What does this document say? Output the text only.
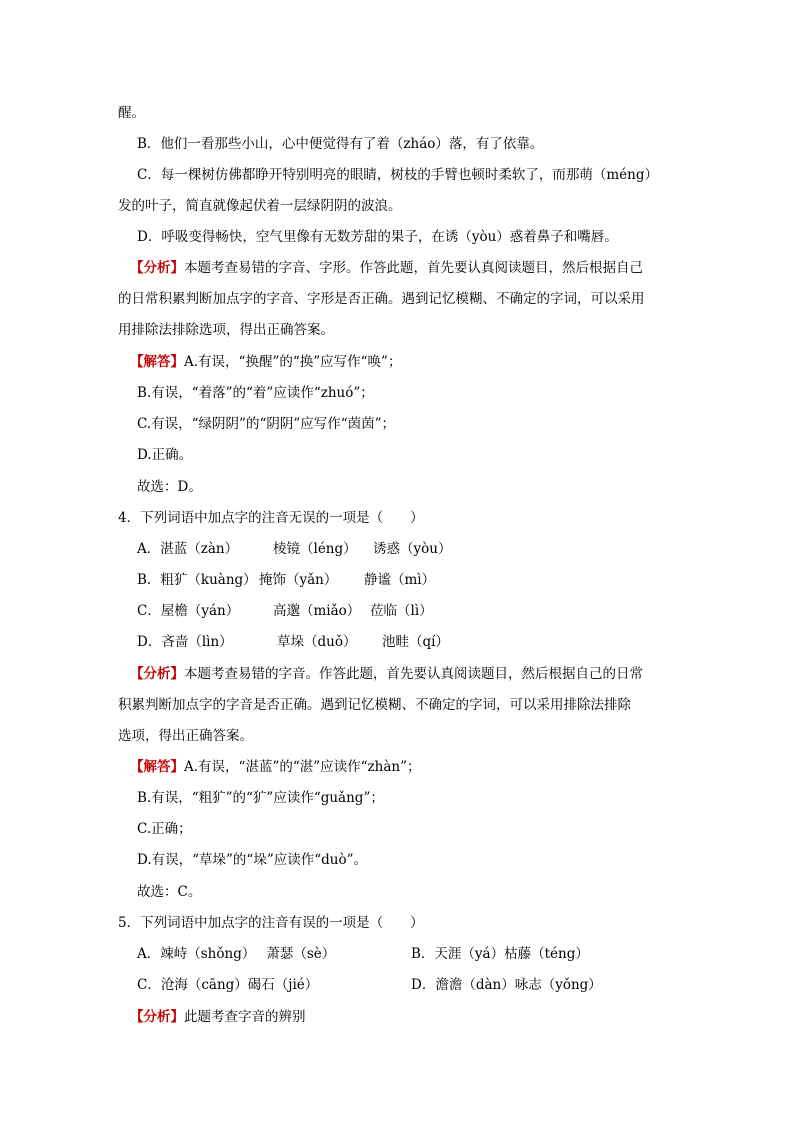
醒。
B．他们一看那些小山，心中便觉得有了着（zháo）落，有了依靠。
C．每一棵树仿佛都睁开特别明亮的眼睛，树枝的手臂也顿时柔软了，而那萌（méng）
发的叶子，简直就像起伏着一层绿阴阴的波浪。
D．呼吸变得畅快，空气里像有无数芳甜的果子，在诱（yòu）惑着鼻子和嘴唇。
【分析】本题考查易错的字音、字形。作答此题，首先要认真阅读题目，然后根据自己
的日常积累判断加点字的字音、字形是否正确。遇到记忆模糊、不确定的字词，可以采用
用排除法排除选项，得出正确答案。
【解答】A.有误，“换醒”的“换”应写作“唤”；
B.有误，“着落”的“着”应读作“zhuó”；
C.有误，“绿阴阴”的“阴阴”应写作“茵茵”；
D.正确。
故选：D。
4．下列词语中加点字的注音无误的一项是（　　）
A．湛蓝（zàn）	棱镜（léng） 诱惑（yòu）
B．粗犷（kuàng） 掩饰（yǎn） 静谧（mì）
C．屋檐（yán）	高邈（miǎo） 莅临（lì）
D．吝啬（lìn）	草垛（duǒ） 池畦（qí）
【分析】本题考查易错的字音。作答此题，首先要认真阅读题目，然后根据自己的日常
积累判断加点字的字音是否正确。遇到记忆模糊、不确定的字词，可以采用排除法排除
选项，得出正确答案。
【解答】A.有误，“湛蓝”的“湛”应读作“zhàn”；
B.有误，“粗犷”的“犷”应读作“guǎng”；
C.正确；
D.有误，“草垛”的“垛”应读作“duò”。
故选：C。
5．下列词语中加点字的注音有误的一项是（　　）
A．竦峙（shǒng）　 萧瑟（sè）	B．天涯（yá）枯藤（téng）
C．沧海（cāng）碣石（jié）	D．澹澹（dàn）咏志（yǒng）
【分析】此题考查字音的辨别
